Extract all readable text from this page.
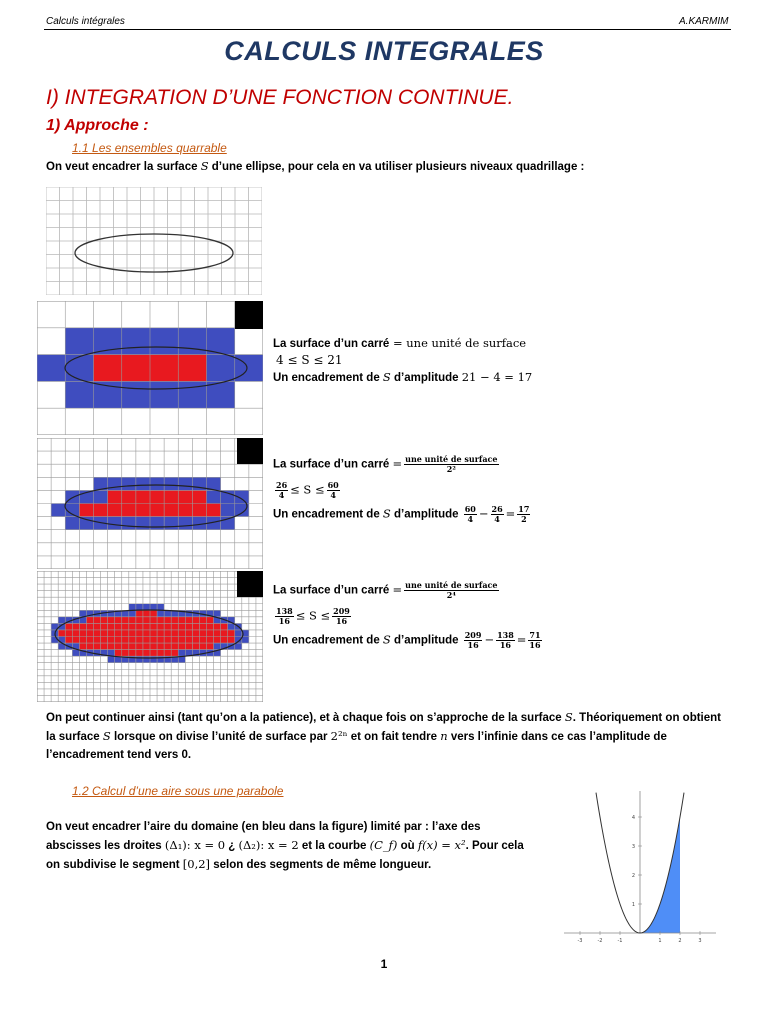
Calculs intégrales	A.KARMIM
CALCULS INTEGRALES
I) INTEGRATION D’UNE FONCTION CONTINUE.
1) Approche :
1.1 Les ensembles quarrable
On veut encadrer la surface S d’une ellipse, pour cela en va utiliser plusieurs niveaux quadrillage :
La surface d’un carré = une unité de surface
4 ≤ S ≤ 21
Un encadrement de S d’amplitude 21 − 4 = 17
La surface d’un carré = $\frac{\text{une unité de surface}}{\text{2²}}$
$\frac{26}{4} \le S \le \frac{60}{4}$
Un encadrement de S d’amplitude $\frac{60}{4} - \frac{26}{4} = \frac{17}{2}$
La surface d’un carré = $\frac{\text{une unité de surface}}{\text{2⁴}}$
$\frac{138}{16} \le S \le \frac{209}{16}$
Un encadrement de S d’amplitude $\frac{209}{16} - \frac{138}{16} = \frac{71}{16}$
On peut continuer ainsi (tant qu’on a la patience), et à chaque fois on s’approche de la surface S. Théoriquement on obtient la surface S lorsque on divise l’unité de surface par 2²ⁿ et on fait tendre n vers l’infinie dans ce cas l’amplitude de l’encadrement tend vers 0.
1.2 Calcul d’une aire sous une parabole
On veut encadrer l’aire du domaine (en bleu dans la figure) limité par : l’axe des abscisses les droites (Δ₁): x = 0 ¿ (Δ₂): x = 2 et la courbe (C_f) où f(x) = x². Pour cela on subdivise le segment [0,2] selon des segments de même longueur.
-3	-2	-1	1	2	3
1
2
3
4
1
